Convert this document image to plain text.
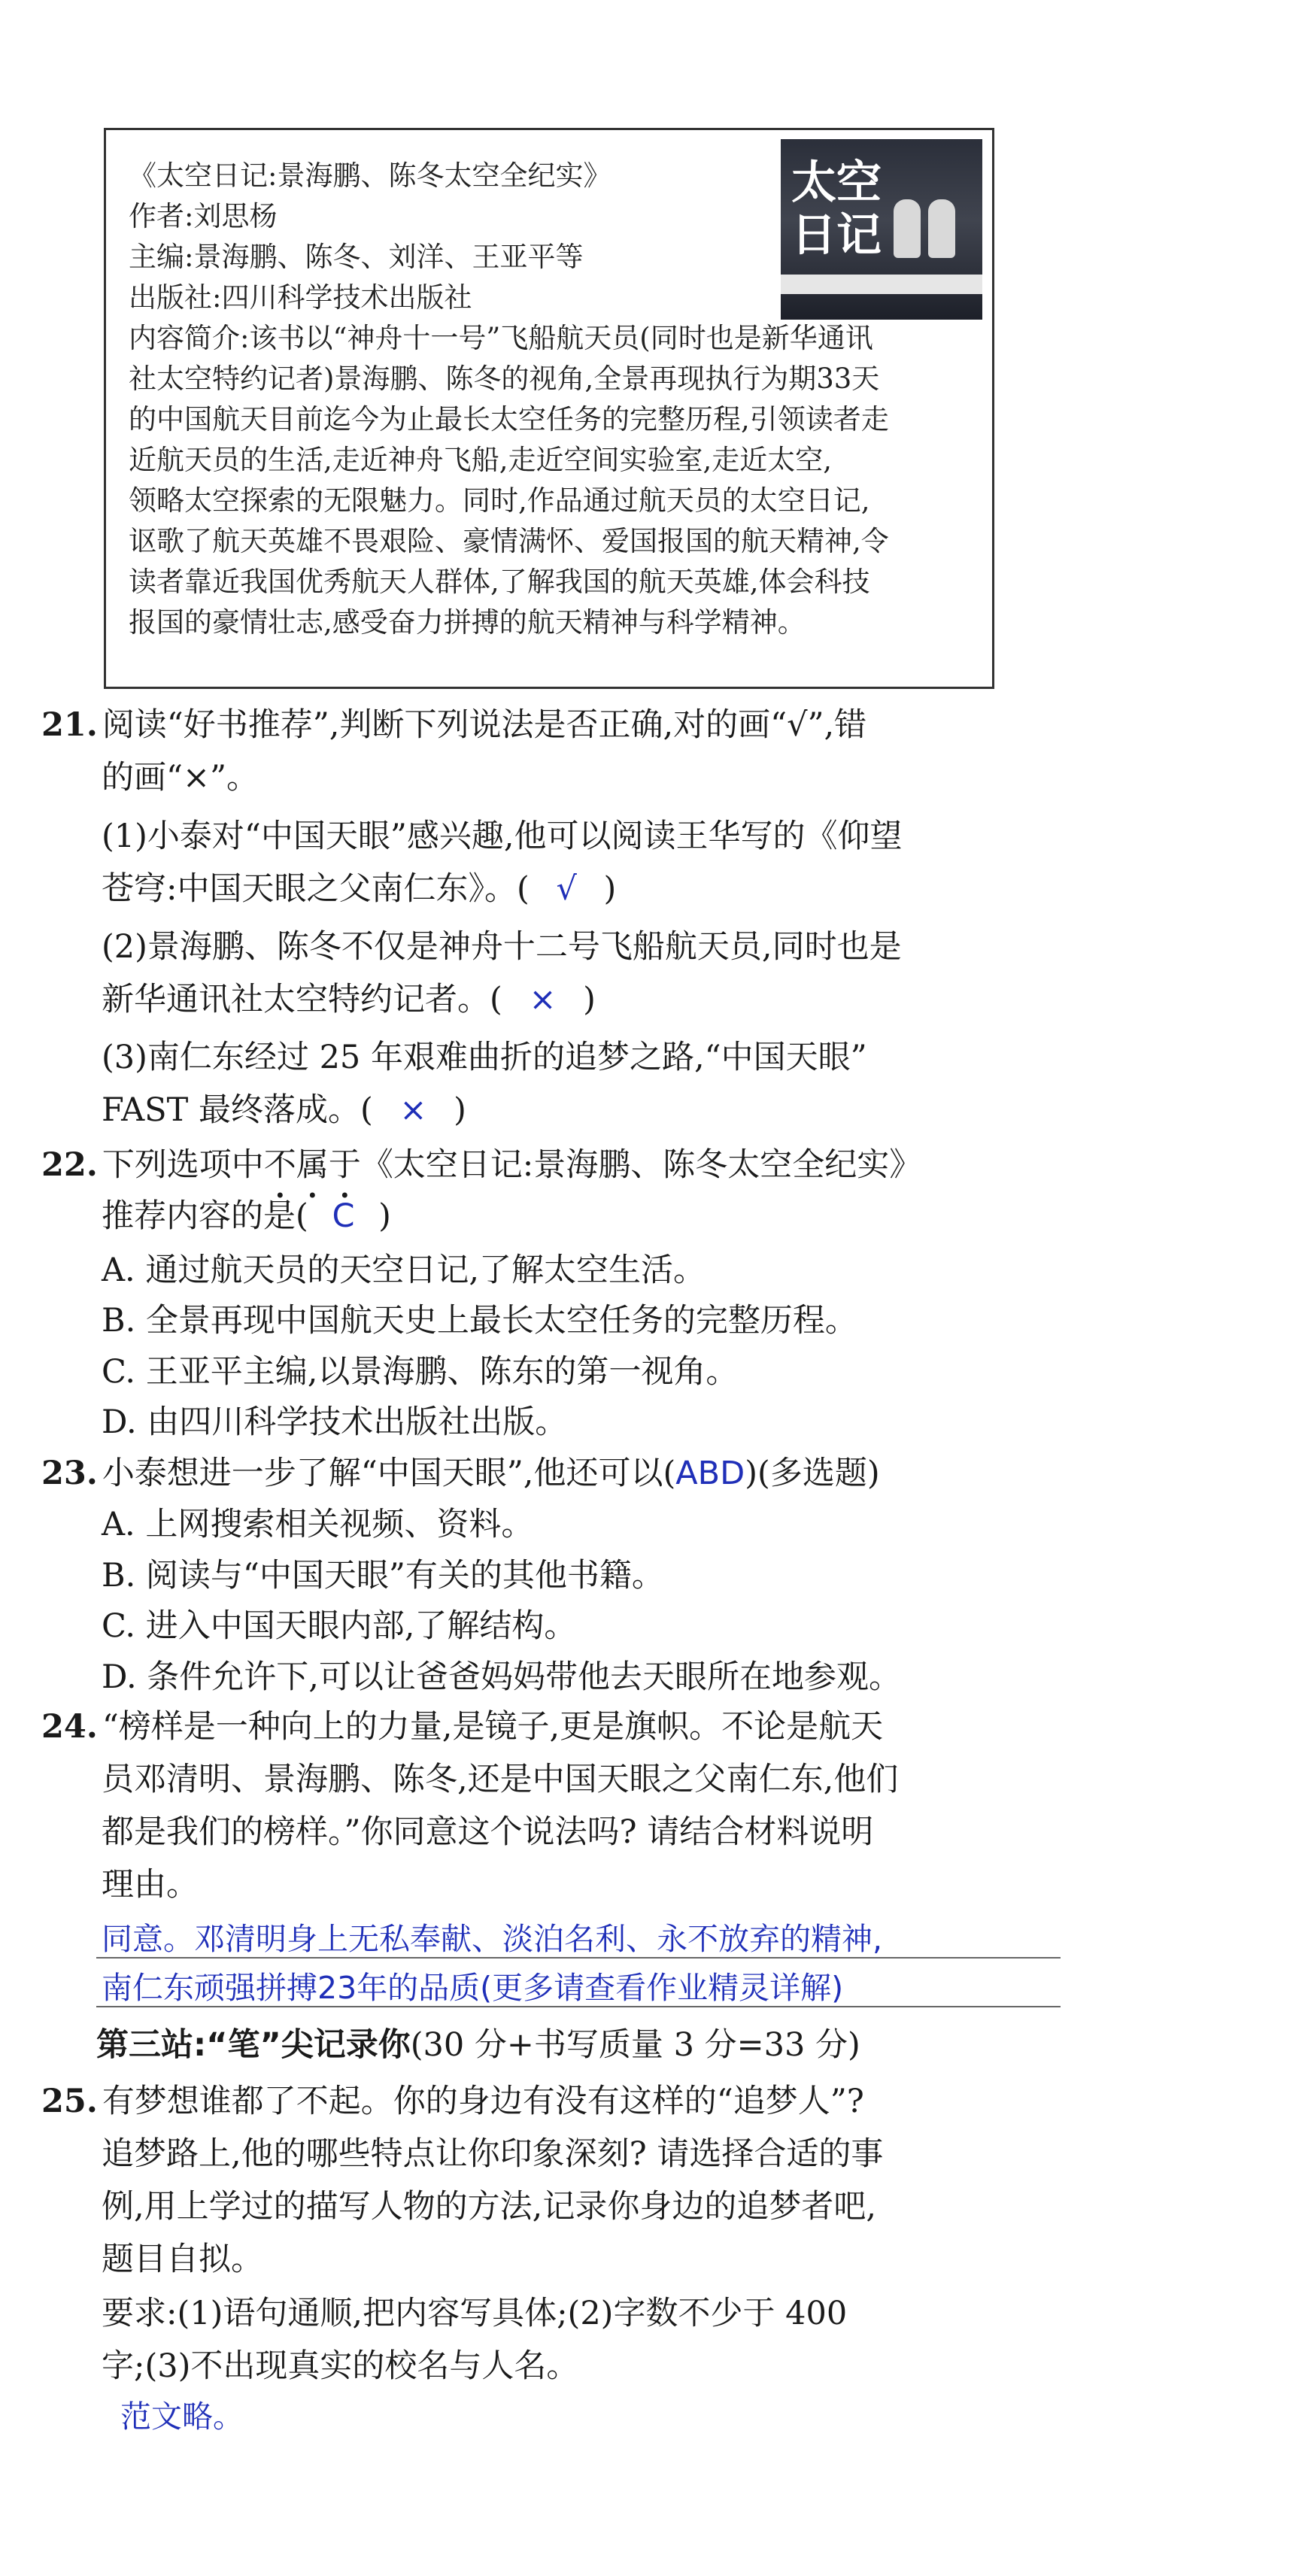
《太空日记:景海鹏、陈冬太空全纪实》
作者:刘思杨
主编:景海鹏、陈冬、刘洋、王亚平等
出版社:四川科学技术出版社
内容简介:该书以“神舟十一号”飞船航天员(同时也是新华通讯
社太空特约记者)景海鹏、陈冬的视角,全景再现执行为期33天
的中国航天目前迄今为止最长太空任务的完整历程,引领读者走
近航天员的生活,走近神舟飞船,走近空间实验室,走近太空,
领略太空探索的无限魅力。同时,作品通过航天员的太空日记,
讴歌了航天英雄不畏艰险、豪情满怀、爱国报国的航天精神,令
读者靠近我国优秀航天人群体,了解我国的航天英雄,体会科技
报国的豪情壮志,感受奋力拼搏的航天精神与科学精神。
太空
日记
21. 阅读“好书推荐”,判断下列说法是否正确,对的画“√”,错
的画“×”。
(1)小泰对“中国天眼”感兴趣,他可以阅读王华写的《仰望
苍穹:中国天眼之父南仁东》。( √ )
(2)景海鹏、陈冬不仅是神舟十二号飞船航天员,同时也是
新华通讯社太空特约记者。( × )
(3)南仁东经过 25 年艰难曲折的追梦之路,“中国天眼”
FAST 最终落成。( × )
22. 下列选项中不属于《太空日记:景海鹏、陈冬太空全纪实》
推荐内容的是( C )
A. 通过航天员的天空日记,了解太空生活。
B. 全景再现中国航天史上最长太空任务的完整历程。
C. 王亚平主编,以景海鹏、陈东的第一视角。
D. 由四川科学技术出版社出版。
23. 小泰想进一步了解“中国天眼”,他还可以(ABD)(多选题)
A. 上网搜索相关视频、资料。
B. 阅读与“中国天眼”有关的其他书籍。
C. 进入中国天眼内部,了解结构。
D. 条件允许下,可以让爸爸妈妈带他去天眼所在地参观。
24. “榜样是一种向上的力量,是镜子,更是旗帜。不论是航天
员邓清明、景海鹏、陈冬,还是中国天眼之父南仁东,他们
都是我们的榜样。”你同意这个说法吗? 请结合材料说明
理由。
同意。邓清明身上无私奉献、淡泊名利、永不放弃的精神,
南仁东顽强拼搏23年的品质(更多请查看作业精灵详解)
第三站:“笔”尖记录你(30 分+书写质量 3 分=33 分)
25. 有梦想谁都了不起。你的身边有没有这样的“追梦人”?
追梦路上,他的哪些特点让你印象深刻? 请选择合适的事
例,用上学过的描写人物的方法,记录你身边的追梦者吧,
题目自拟。
要求:(1)语句通顺,把内容写具体;(2)字数不少于 400
字;(3)不出现真实的校名与人名。
范文略。
